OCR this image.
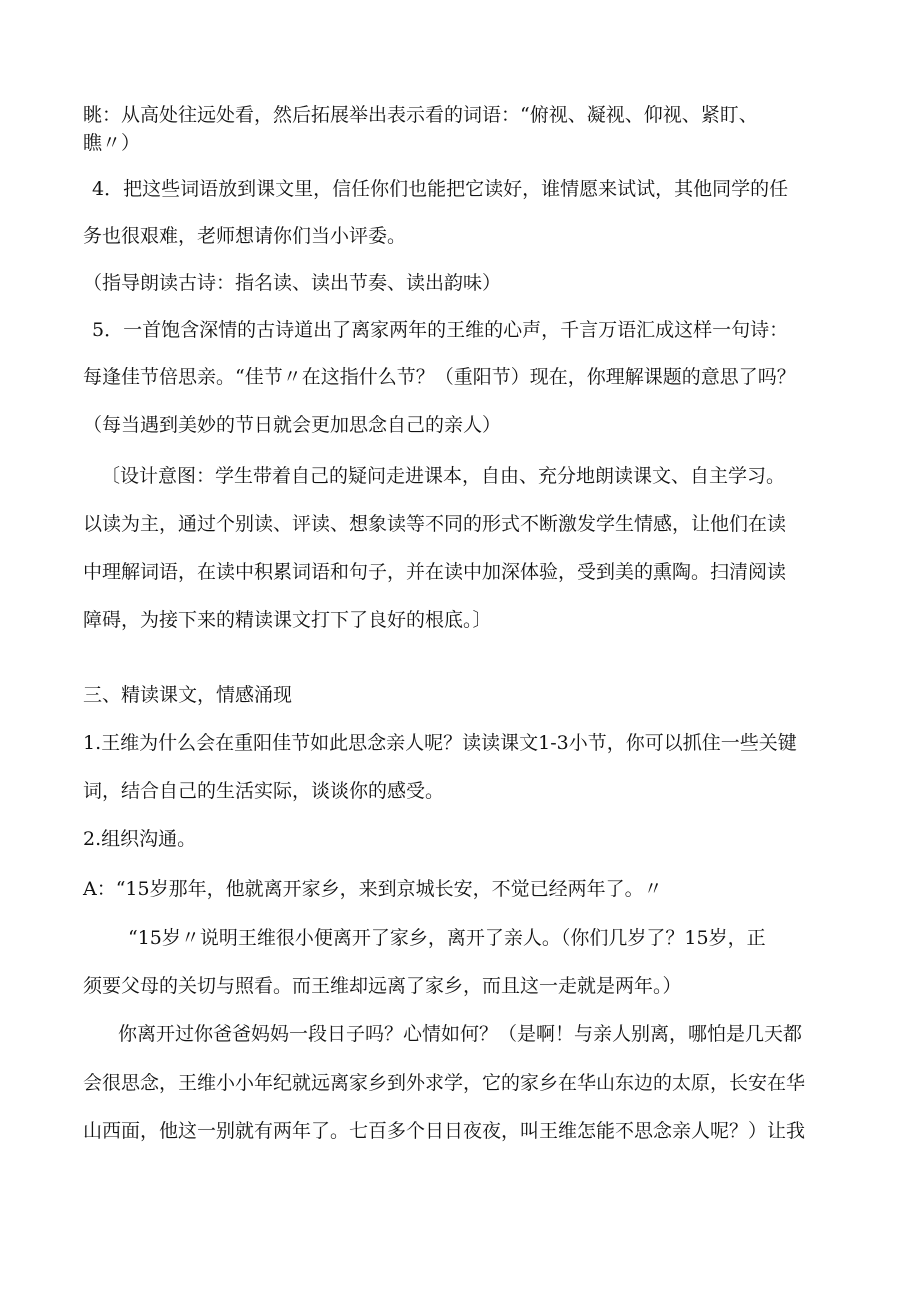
眺：从高处往远处看，然后拓展举出表示看的词语：“俯视、凝视、仰视、紧盯、
瞧〃）
4．把这些词语放到课文里，信任你们也能把它读好，谁情愿来试试，其他同学的任
务也很艰难，老师想请你们当小评委。
（指导朗读古诗：指名读、读出节奏、读出韵味）
5．一首饱含深情的古诗道出了离家两年的王维的心声，千言万语汇成这样一句诗：
每逢佳节倍思亲。“佳节〃在这指什么节？（重阳节）现在，你理解课题的意思了吗？
（每当遇到美妙的节日就会更加思念自己的亲人）
〔设计意图：学生带着自己的疑问走进课本，自由、充分地朗读课文、自主学习。
以读为主，通过个别读、评读、想象读等不同的形式不断激发学生情感，让他们在读
中理解词语，在读中积累词语和句子，并在读中加深体验，受到美的熏陶。扫清阅读
障碍，为接下来的精读课文打下了良好的根底。〕
三、精读课文，情感涌现
1.王维为什么会在重阳佳节如此思念亲人呢？读读课文1-3小节，你可以抓住一些关键
词，结合自己的生活实际，谈谈你的感受。
2.组织沟通。
A：“15岁那年，他就离开家乡，来到京城长安，不觉已经两年了。〃
“15岁〃说明王维很小便离开了家乡，离开了亲人。（你们几岁了？15岁，正
须要父母的关切与照看。而王维却远离了家乡，而且这一走就是两年。）
你离开过你爸爸妈妈一段日子吗？心情如何？（是啊！与亲人别离，哪怕是几天都
会很思念，王维小小年纪就远离家乡到外求学，它的家乡在华山东边的太原，长安在华
山西面，他这一别就有两年了。七百多个日日夜夜，叫王维怎能不思念亲人呢？）让我
